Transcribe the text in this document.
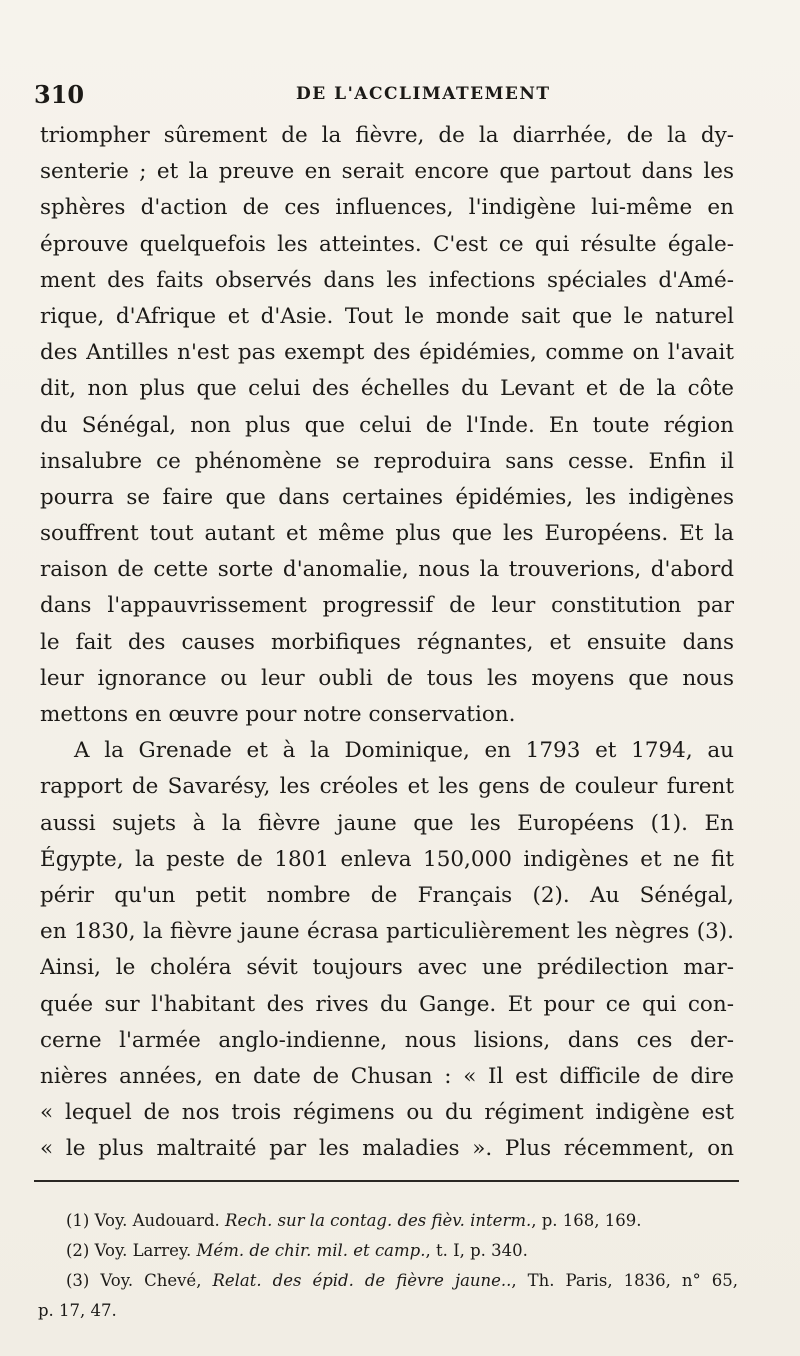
310	DE L'ACCLIMATEMENT
triompher sûrement de la fièvre, de la diarrhée, de la dy-
senterie ; et la preuve en serait encore que partout dans les
sphères d'action de ces influences, l'indigène lui-même en
éprouve quelquefois les atteintes. C'est ce qui résulte égale-
ment des faits observés dans les infections spéciales d'Amé-
rique, d'Afrique et d'Asie. Tout le monde sait que le naturel
des Antilles n'est pas exempt des épidémies, comme on l'avait
dit, non plus que celui des échelles du Levant et de la côte
du Sénégal, non plus que celui de l'Inde. En toute région
insalubre ce phénomène se reproduira sans cesse. Enfin il
pourra se faire que dans certaines épidémies, les indigènes
souffrent tout autant et même plus que les Européens. Et la
raison de cette sorte d'anomalie, nous la trouverions, d'abord
dans l'appauvrissement progressif de leur constitution par
le fait des causes morbifiques régnantes, et ensuite dans
leur ignorance ou leur oubli de tous les moyens que nous
mettons en œuvre pour notre conservation.
A la Grenade et à la Dominique, en 1793 et 1794, au
rapport de Savarésy, les créoles et les gens de couleur furent
aussi sujets à la fièvre jaune que les Européens (1). En
Égypte, la peste de 1801 enleva 150,000 indigènes et ne fit
périr qu'un petit nombre de Français (2). Au Sénégal,
en 1830, la fièvre jaune écrasa particulièrement les nègres (3).
Ainsi, le choléra sévit toujours avec une prédilection mar-
quée sur l'habitant des rives du Gange. Et pour ce qui con-
cerne l'armée anglo-indienne, nous lisions, dans ces der-
nières années, en date de Chusan : « Il est difficile de dire
« lequel de nos trois régimens ou du régiment indigène est
« le plus maltraité par les maladies ». Plus récemment, on
(1) Voy. Audouard. Rech. sur la contag. des fièv. interm., p. 168, 169.
(2) Voy. Larrey. Mém. de chir. mil. et camp., t. I, p. 340.
(3) Voy. Chevé, Relat. des épid. de fièvre jaune.., Th. Paris, 1836, n° 65,
p. 17, 47.
